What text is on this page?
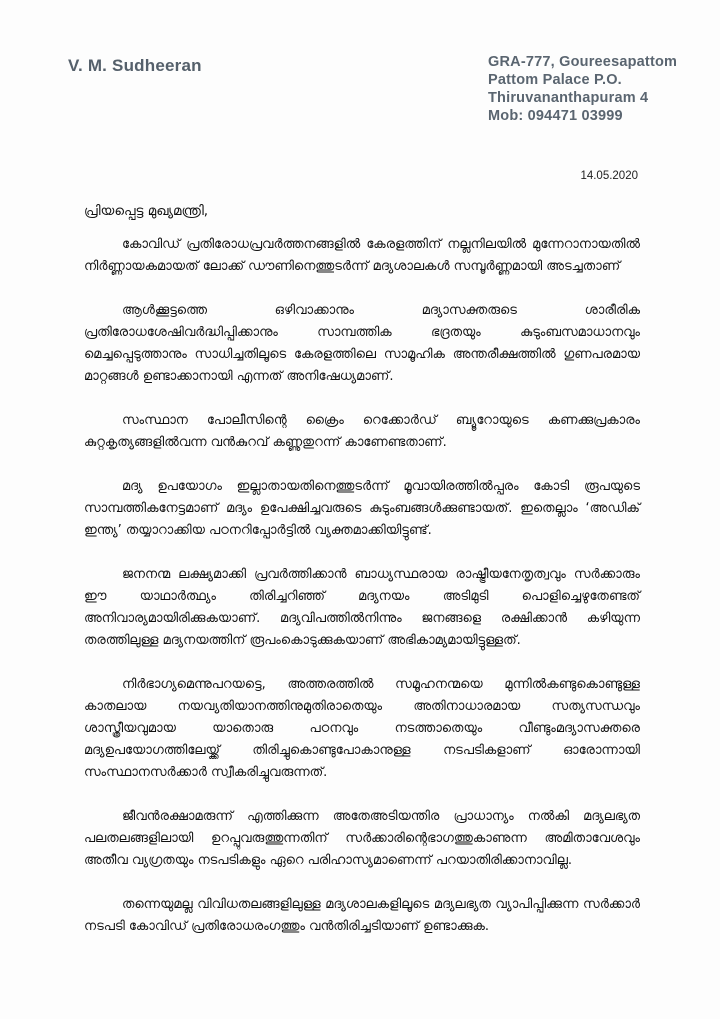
V. M. Sudheeran	GRA-777, Goureesapattom
Pattom Palace P.O.
Thiruvananthapuram 4
Mob: 094471 03999
14.05.2020
പ്രിയപ്പെട്ട മുഖ്യമന്ത്രി,

കോവിഡ് പ്രതിരോധപ്രവർത്തനങ്ങളിൽ കേരളത്തിന് നല്ലനിലയിൽ മുന്നേറാനായതിൽ നിർണ്ണായകമായത് ലോക്ക് ഡൗണിനെത്തുടർന്ന് മദ്യശാലകൾ സമ്പൂർണ്ണമായി അടച്ചതാണ്

ആൾക്കൂട്ടത്തെ ഒഴിവാക്കാനും മദ്യാസക്തരുടെ ശാരീരിക പ്രതിരോധശേഷിവർദ്ധിപ്പിക്കാനും സാമ്പത്തിക ഭദ്രതയും കുടുംബസമാധാനവും മെച്ചപ്പെടുത്താനും സാധിച്ചതിലൂടെ കേരളത്തിലെ സാമൂഹിക അന്തരീക്ഷത്തിൽ ഗുണപരമായ മാറ്റങ്ങൾ ഉണ്ടാക്കാനായി എന്നത് അനിഷേധ്യമാണ്.

സംസ്ഥാന പോലീസിന്റെ ക്രൈം റെക്കോർഡ് ബ്യൂറോയുടെ കണക്കുപ്രകാരം കുറ്റകൃത്യങ്ങളിൽവന്ന വൻകുറവ് കണ്ണുതുറന്ന് കാണേണ്ടതാണ്.

മദ്യ ഉപയോഗം ഇല്ലാതായതിനെത്തുടർന്ന് മൂവായിരത്തിൽപ്പരം കോടി രൂപയുടെ സാമ്പത്തികനേട്ടമാണ് മദ്യം ഉപേക്ഷിച്ചവരുടെ കുടുംബങ്ങൾക്കുണ്ടായത്. ഇതെല്ലാം ‘അഡിക് ഇന്ത്യ’ തയ്യാറാക്കിയ പഠനറിപ്പോർട്ടിൽ വ്യക്തമാക്കിയിട്ടുണ്ട്.

ജനനന്മ ലക്ഷ്യമാക്കി പ്രവർത്തിക്കാൻ ബാധ്യസ്ഥരായ രാഷ്ട്രീയനേതൃത്വവും സർക്കാരും ഈ യാഥാർത്ഥ്യം തിരിച്ചറിഞ്ഞ് മദ്യനയം അടിമുടി പൊളിച്ചെഴുതേണ്ടത് അനിവാര്യമായിരിക്കുകയാണ്. മദ്യവിപത്തിൽനിന്നും ജനങ്ങളെ രക്ഷിക്കാൻ കഴിയുന്ന തരത്തിലുള്ള മദ്യനയത്തിന് രൂപംകൊടുക്കുകയാണ് അഭികാമ്യമായിട്ടുള്ളത്.

നിർഭാഗ്യമെന്നുപറയട്ടെ, അത്തരത്തിൽ സമൂഹനന്മയെ മുന്നിൽകണ്ടുകൊണ്ടുള്ള കാതലായ നയവ്യതിയാനത്തിനുമുതിരാതെയും അതിനാധാരമായ സത്യസന്ധവും ശാസ്ത്രീയവുമായ യാതൊരു പഠനവും നടത്താതെയും വീണ്ടുംമദ്യാസക്തരെ മദ്യഉപയോഗത്തിലേയ്ക്ക് തിരിച്ചുകൊണ്ടുപോകാനുള്ള നടപടികളാണ് ഓരോന്നായി സംസ്ഥാനസർക്കാർ സ്വീകരിച്ചുവരുന്നത്.

ജീവൻരക്ഷാമരുന്ന് എത്തിക്കുന്ന അതേഅടിയന്തിര പ്രാധാന്യം നൽകി മദ്യലഭ്യത പലതലങ്ങളിലായി ഉറപ്പുവരുത്തുന്നതിന് സർക്കാരിന്റെഭാഗത്തുകാണുന്ന അമിതാവേശവും അതീവ വ്യഗ്രതയും നടപടികളും ഏറെ പരിഹാസ്യമാണെന്ന് പറയാതിരിക്കാനാവില്ല.

തന്നെയുമല്ല വിവിധതലങ്ങളിലുള്ള മദ്യശാലകളിലൂടെ മദ്യലഭ്യത വ്യാപിപ്പിക്കുന്ന സർക്കാർ നടപടി കോവിഡ് പ്രതിരോധരംഗത്തും വൻതിരിച്ചടിയാണ് ഉണ്ടാക്കുക.
